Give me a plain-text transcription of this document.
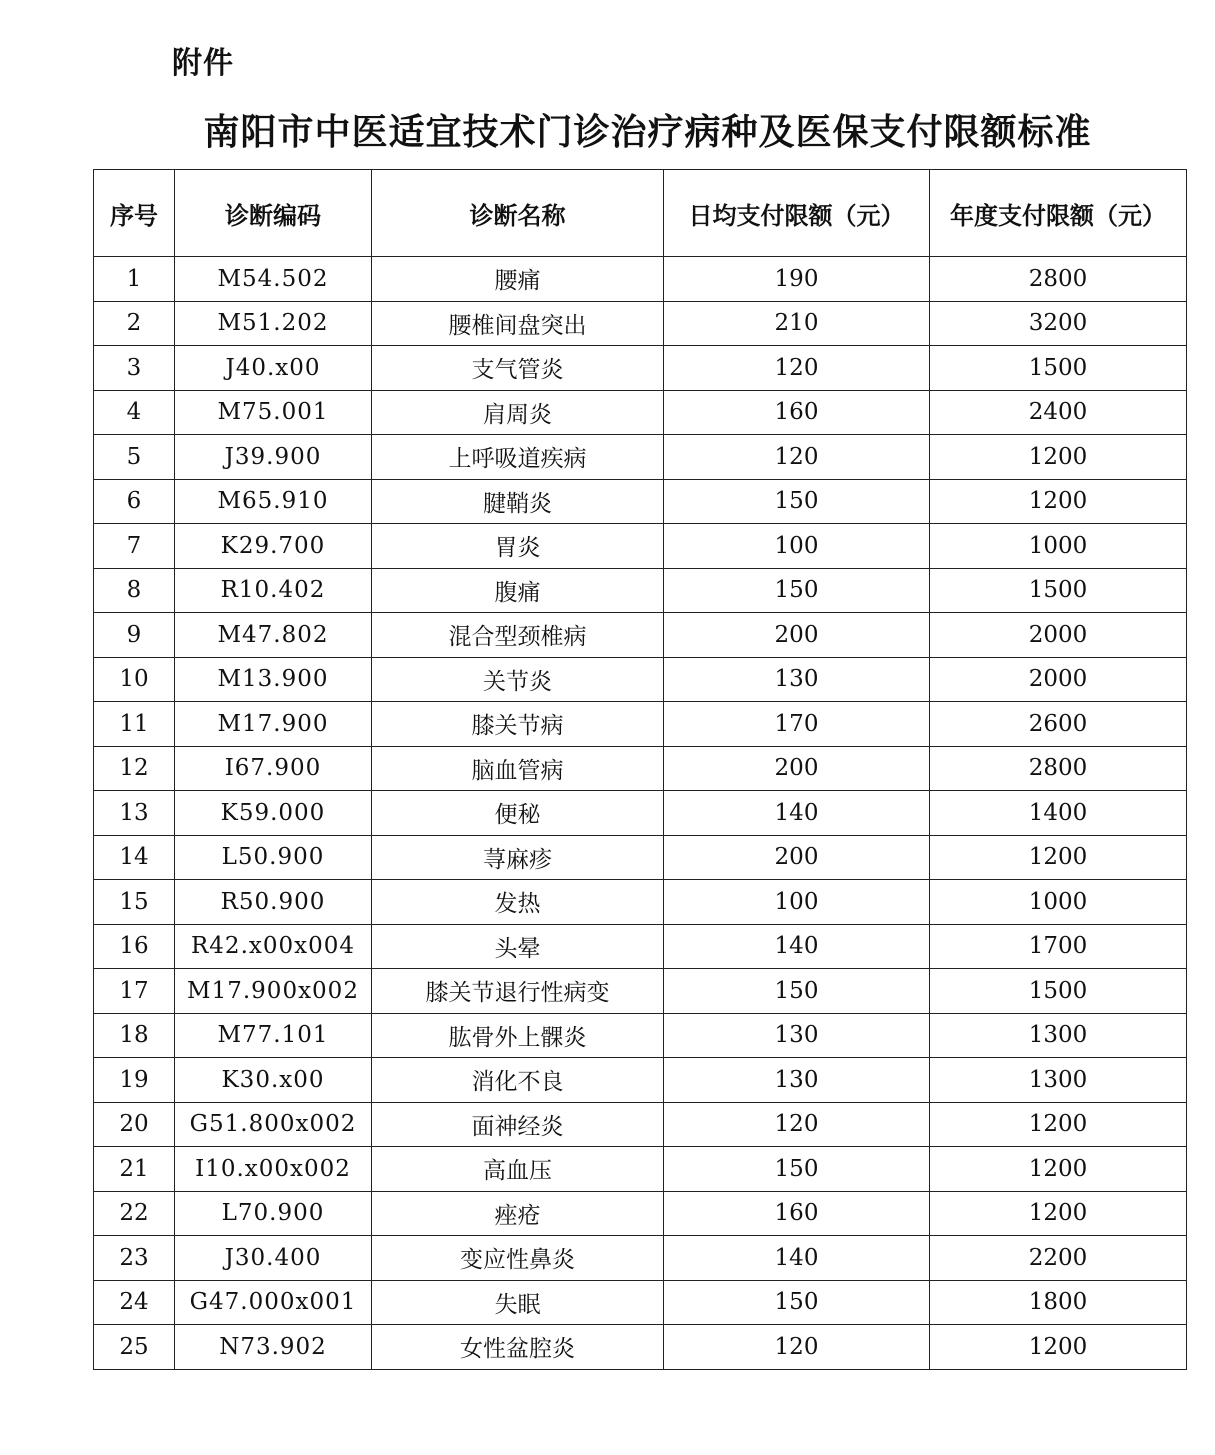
附件
南阳市中医适宜技术门诊治疗病种及医保支付限额标准
序号	诊断编码	诊断名称	日均支付限额（元）	年度支付限额（元）
1	M54.502	腰痛	190	2800
2	M51.202	腰椎间盘突出	210	3200
3	J40.x00	支气管炎	120	1500
4	M75.001	肩周炎	160	2400
5	J39.900	上呼吸道疾病	120	1200
6	M65.910	腱鞘炎	150	1200
7	K29.700	胃炎	100	1000
8	R10.402	腹痛	150	1500
9	M47.802	混合型颈椎病	200	2000
10	M13.900	关节炎	130	2000
11	M17.900	膝关节病	170	2600
12	I67.900	脑血管病	200	2800
13	K59.000	便秘	140	1400
14	L50.900	荨麻疹	200	1200
15	R50.900	发热	100	1000
16	R42.x00x004	头晕	140	1700
17	M17.900x002	膝关节退行性病变	150	1500
18	M77.101	肱骨外上髁炎	130	1300
19	K30.x00	消化不良	130	1300
20	G51.800x002	面神经炎	120	1200
21	I10.x00x002	高血压	150	1200
22	L70.900	痤疮	160	1200
23	J30.400	变应性鼻炎	140	2200
24	G47.000x001	失眠	150	1800
25	N73.902	女性盆腔炎	120	1200
